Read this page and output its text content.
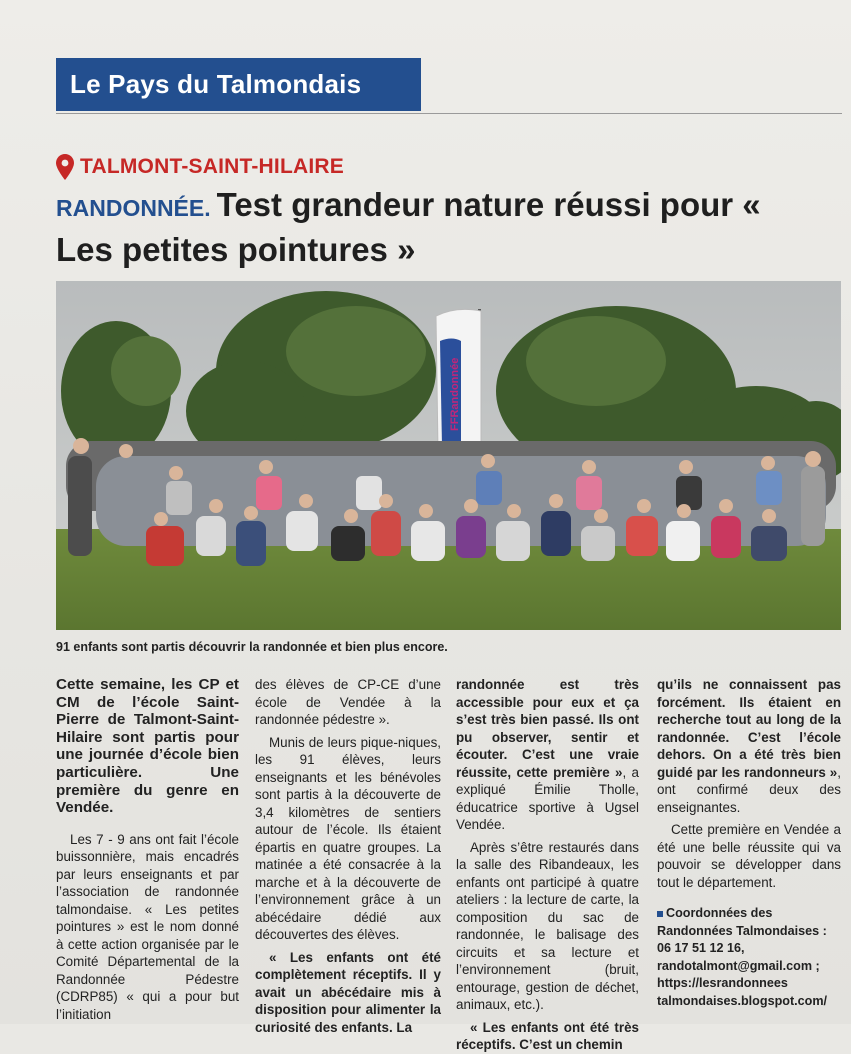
Le Pays du Talmondais
TALMONT-SAINT-HILAIRE
RANDONNÉE. Test grandeur nature réussi pour « Les petites pointures »
FFRandonnée
91 enfants sont partis découvrir la randonnée et bien plus encore.

Cette semaine, les CP et CM de l’école Saint-Pierre de Talmont-Saint-Hilaire sont partis pour une journée d’école bien particulière. Une première du genre en Vendée.

Les 7 - 9 ans ont fait l’école buissonnière, mais encadrés par leurs enseignants et par l’association de randonnée talmondaise. « Les petites pointures » est le nom donné à cette action organisée par le Comité Départemental de la Randonnée Pédestre (CDRP85) « qui a pour but l’initiation

des élèves de CP-CE d’une école de Vendée à la randonnée pédestre ».

Munis de leurs pique-niques, les 91 élèves, leurs enseignants et les bénévoles sont partis à la découverte de 3,4 kilomètres de sentiers autour de l’école. Ils étaient épartis en quatre groupes. La matinée a été consacrée à la marche et à la découverte de l’environnement grâce à un abécédaire dédié aux découvertes des élèves.

« Les enfants ont été complètement réceptifs. Il y avait un abécédaire mis à disposition pour alimenter la curiosité des enfants. La

randonnée est très accessible pour eux et ça s’est très bien passé. Ils ont pu observer, sentir et écouter. C’est une vraie réussite, cette première », a expliqué Émilie Tholle, éducatrice sportive à Ugsel Vendée.

Après s’être restaurés dans la salle des Ribandeaux, les enfants ont participé à quatre ateliers : la lecture de carte, la composition du sac de randonnée, le balisage des circuits et sa lecture et l’environnement (bruit, entourage, gestion de déchet, animaux, etc.).

« Les enfants ont été très réceptifs. C’est un chemin

qu’ils ne connaissent pas forcément. Ils étaient en recherche tout au long de la randonnée. C’est l’école dehors. On a été très bien guidé par les randonneurs », ont confirmé deux des enseignantes.

Cette première en Vendée a été une belle réussite qui va pouvoir se développer dans tout le département.

Coordonnées des Randonnées Talmondaises : 06 17 51 12 16, randotalmont@gmail.com ; https://lesrandonnees talmondaises.blogspot.com/
